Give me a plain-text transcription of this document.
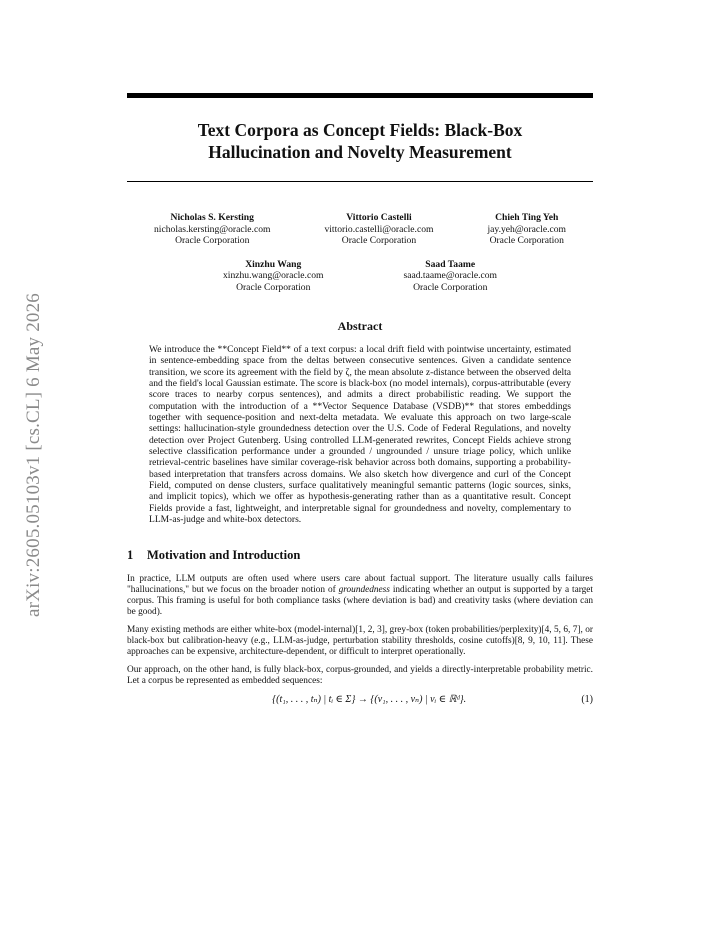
arXiv:2605.05103v1 [cs.CL] 6 May 2026
Text Corpora as Concept Fields: Black-Box
Hallucination and Novelty Measurement
Nicholas S. Kersting
nicholas.kersting@oracle.com
Oracle Corporation
Vittorio Castelli
vittorio.castelli@oracle.com
Oracle Corporation
Chieh Ting Yeh
jay.yeh@oracle.com
Oracle Corporation
Xinzhu Wang
xinzhu.wang@oracle.com
Oracle Corporation
Saad Taame
saad.taame@oracle.com
Oracle Corporation
Abstract
We introduce the **Concept Field** of a text corpus: a local drift field with pointwise uncertainty, estimated in sentence-embedding space from the deltas between consecutive sentences. Given a candidate sentence transition, we score its agreement with the field by ζ, the mean absolute z-distance between the observed delta and the field's local Gaussian estimate. The score is black-box (no model internals), corpus-attributable (every score traces to nearby corpus sentences), and admits a direct probabilistic reading. We support the computation with the introduction of a **Vector Sequence Database (VSDB)** that stores embeddings together with sequence-position and next-delta metadata. We evaluate this approach on two large-scale settings: hallucination-style groundedness detection over the U.S. Code of Federal Regulations, and novelty detection over Project Gutenberg. Using controlled LLM-generated rewrites, Concept Fields achieve strong selective classification performance under a grounded / ungrounded / unsure triage policy, which unlike retrieval-centric baselines have similar coverage-risk behavior across both domains, supporting a probability-based interpretation that transfers across domains. We also sketch how divergence and curl of the Concept Field, computed on dense clusters, surface qualitatively meaningful semantic patterns (logic sources, sinks, and implicit topics), which we offer as hypothesis-generating rather than as a quantitative result. Concept Fields provide a fast, lightweight, and interpretable signal for groundedness and novelty, complementary to LLM-as-judge and white-box detectors.
1 Motivation and Introduction

In practice, LLM outputs are often used where users care about factual support. The literature usually calls failures "hallucinations," but we focus on the broader notion of groundedness indicating whether an output is supported by a target corpus. This framing is useful for both compliance tasks (where deviation is bad) and creativity tasks (where deviation can be good).

Many existing methods are either white-box (model-internal)[1, 2, 3], grey-box (token probabilities/perplexity)[4, 5, 6, 7], or black-box but calibration-heavy (e.g., LLM-as-judge, perturbation stability thresholds, cosine cutoffs)[8, 9, 10, 11]. These approaches can be expensive, architecture-dependent, or difficult to interpret operationally.

Our approach, on the other hand, is fully black-box, corpus-grounded, and yields a directly-interpretable probability metric. Let a corpus be represented as embedded sequences:

{(t₁, . . . , tₙ) | tᵢ ∈ Σ} → {(v₁, . . . , vₙ) | vᵢ ∈ ℝᵈ}.	(1)
